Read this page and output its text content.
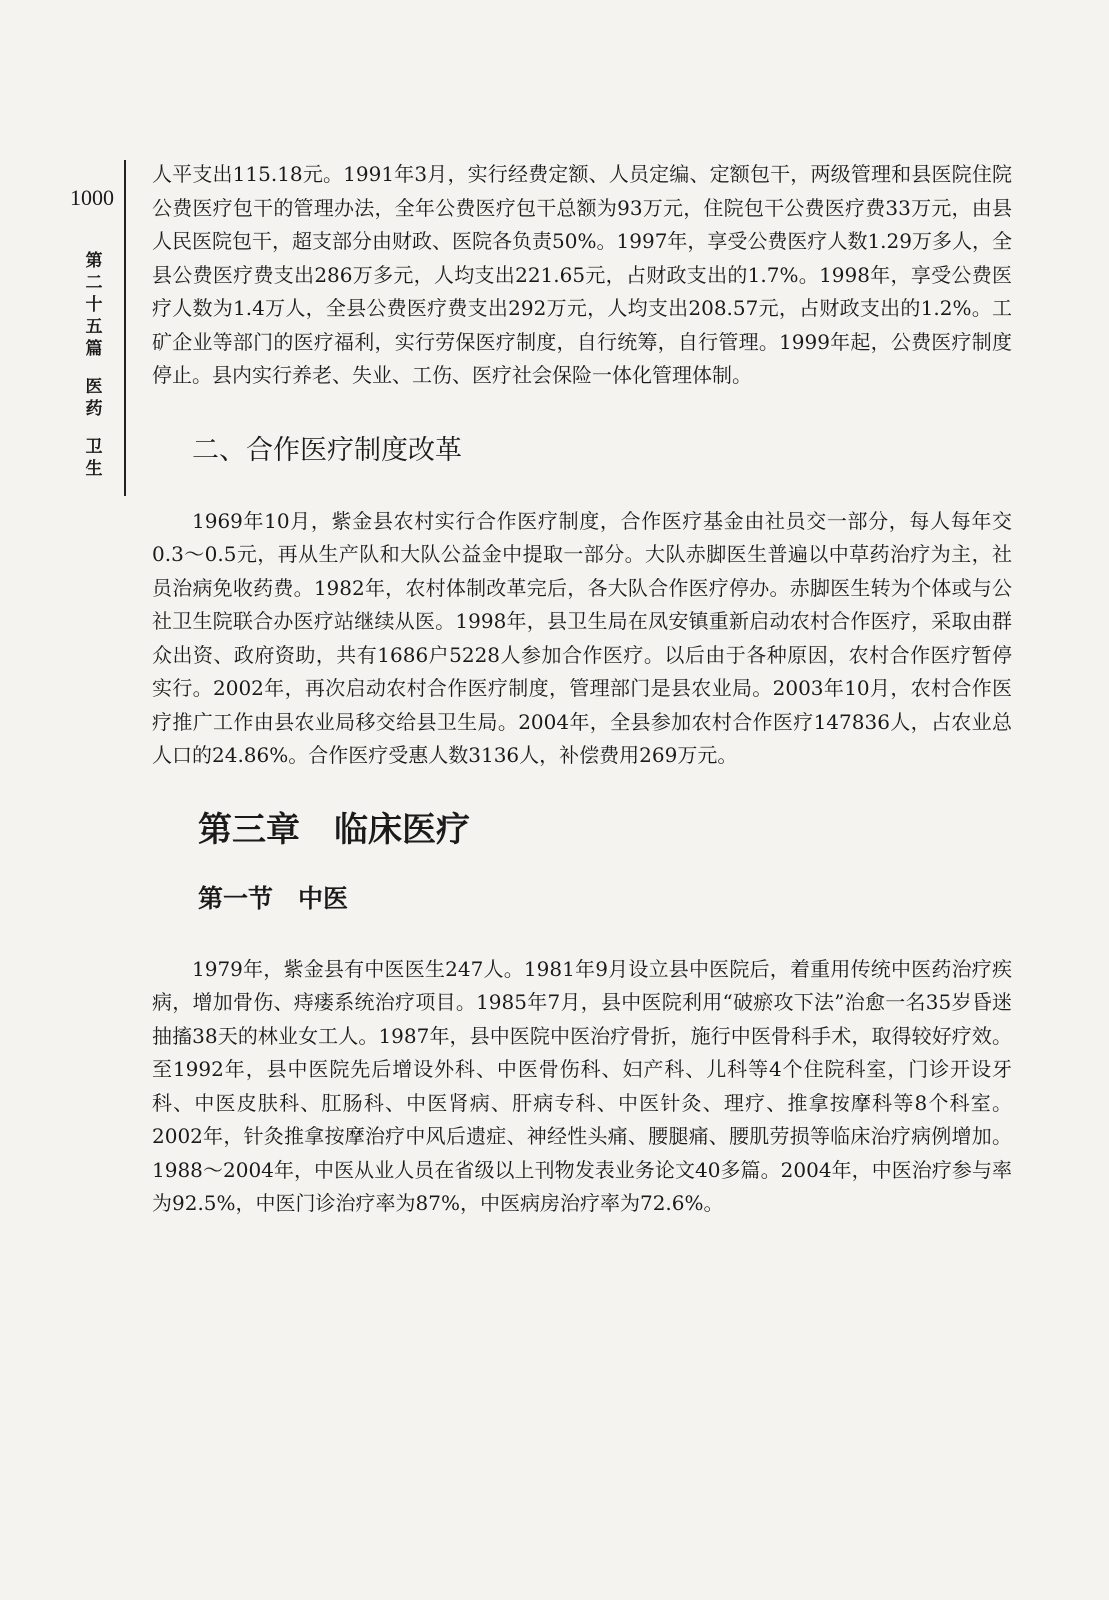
1000
第
二
十
五
篇
医
药
卫
生

人平支出115.18元。1991年3月，实行经费定额、人员定编、定额包干，两级管理和县医院住院公费医疗包干的管理办法，全年公费医疗包干总额为93万元，住院包干公费医疗费33万元，由县人民医院包干，超支部分由财政、医院各负责50%。1997年，享受公费医疗人数1.29万多人，全县公费医疗费支出286万多元，人均支出221.65元，占财政支出的1.7%。1998年，享受公费医疗人数为1.4万人，全县公费医疗费支出292万元，人均支出208.57元，占财政支出的1.2%。工矿企业等部门的医疗福利，实行劳保医疗制度，自行统筹，自行管理。1999年起，公费医疗制度停止。县内实行养老、失业、工伤、医疗社会保险一体化管理体制。

二、合作医疗制度改革

1969年10月，紫金县农村实行合作医疗制度，合作医疗基金由社员交一部分，每人每年交0.3～0.5元，再从生产队和大队公益金中提取一部分。大队赤脚医生普遍以中草药治疗为主，社员治病免收药费。1982年，农村体制改革完后，各大队合作医疗停办。赤脚医生转为个体或与公社卫生院联合办医疗站继续从医。1998年，县卫生局在凤安镇重新启动农村合作医疗，采取由群众出资、政府资助，共有1686户5228人参加合作医疗。以后由于各种原因，农村合作医疗暂停实行。2002年，再次启动农村合作医疗制度，管理部门是县农业局。2003年10月，农村合作医疗推广工作由县农业局移交给县卫生局。2004年，全县参加农村合作医疗147836人，占农业总人口的24.86%。合作医疗受惠人数3136人，补偿费用269万元。

第三章　临床医疗
第一节　中医

1979年，紫金县有中医医生247人。1981年9月设立县中医院后，着重用传统中医药治疗疾病，增加骨伤、痔瘘系统治疗项目。1985年7月，县中医院利用“破瘀攻下法”治愈一名35岁昏迷抽搐38天的林业女工人。1987年，县中医院中医治疗骨折，施行中医骨科手术，取得较好疗效。至1992年，县中医院先后增设外科、中医骨伤科、妇产科、儿科等4个住院科室，门诊开设牙科、中医皮肤科、肛肠科、中医肾病、肝病专科、中医针灸、理疗、推拿按摩科等8个科室。2002年，针灸推拿按摩治疗中风后遗症、神经性头痛、腰腿痛、腰肌劳损等临床治疗病例增加。1988～2004年，中医从业人员在省级以上刊物发表业务论文40多篇。2004年，中医治疗参与率为92.5%，中医门诊治疗率为87%，中医病房治疗率为72.6%。
